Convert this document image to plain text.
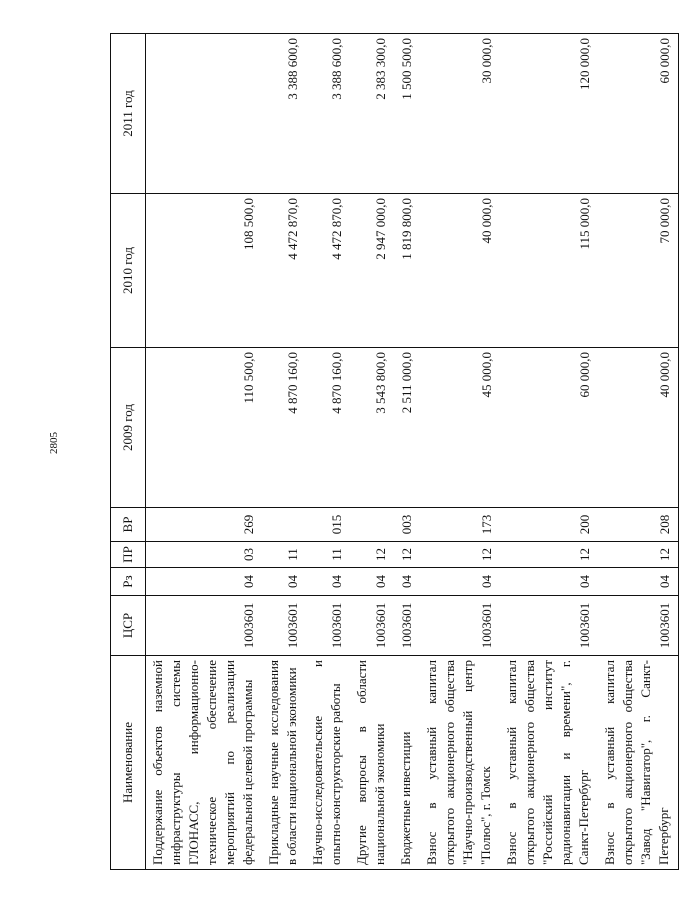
2805
Наименование	ЦСР	Рз	ПР	ВР	2009 год	2010 год	2011 год
Поддержание объектов наземной инфраструктуры системы ГЛОНАСС, информационно-техническое обеспечение мероприятий по реализации федеральной целевой программы	1003601	04	03	269	110 500,0	108 500,0	
Прикладные научные исследования в области национальной экономики	1003601	04	11		4 870 160,0	4 472 870,0	3 388 600,0
Научно-исследовательские и опытно-конструкторские работы	1003601	04	11	015	4 870 160,0	4 472 870,0	3 388 600,0
Другие вопросы в области национальной экономики	1003601	04	12		3 543 800,0	2 947 000,0	2 383 300,0
Бюджетные инвестиции	1003601	04	12	003	2 511 000,0	1 819 800,0	1 500 500,0
Взнос в уставный капитал открытого акционерного общества "Научно-производственный центр "Полюс", г. Томск	1003601	04	12	173	45 000,0	40 000,0	30 000,0
Взнос в уставный капитал открытого акционерного общества "Российский институт радионавигации и времени", г. Санкт-Петербург	1003601	04	12	200	60 000,0	115 000,0	120 000,0
Взнос в уставный капитал открытого акционерного общества "Завод "Навигатор", г. Санкт-Петербург	1003601	04	12	208	40 000,0	70 000,0	60 000,0
